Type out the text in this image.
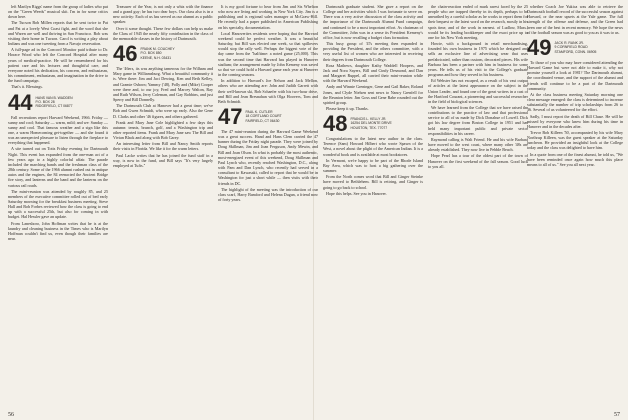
left Marilyn Riggs' name from the group of ladies who put on the "Green Weeds" musical skit. I'm in for some critics down here.

The Tucson Bob Millen reports that he sent twice to Pat and Pat at a lovely West Coast fight, and the word that she and Waren are well and thriving in San Francisco. Bob was visiting their home in Tucson. Carol is writing a play about Indians and was one tweeting from a Navajo reservation.

A full-page ad in the Concord Monitor paid tribute to Dr. Horace Wood who left the Concord Hospital after many years of medical-practice. He will be remembered for his patient care and his lectures and thoughtful care, and everyone noted his dedication, his concern, and enthusiasm, his commitment, enthusiasm, and imagination in the drive to the fund campaign.

That's it. Blessings.

44 HANS VAN B. WADDEN
P.O. BOX 28
RIDGEFIELD, CT 06877

Fall recreations report Harvard Weekend, 1966. Friday — sunny and cool; Saturday — warm, mild; and we: Sunday — sunny and cool. That famous weather and a sign like this one, a warm Homecoming get-together — and she found it was an unexpected pleasure to listen through the fireplace to everything that happened.

A site turned out on Totts Friday evening for Dartmouth Night. This event has expanded from the one-man act of a few years ago to a highly colorful affair. The parade included the marching bands and the freshman class of the 28th century. Some of the 1966 alumni rushed out in antique autos and the engines, the 84 reenacted the Ancient Bridge fire story, and lanterns and the band and the lanterns on the various rail roads.

The mini-reunion was attended by roughly 85, and 25 members of the executive committee rolled out of bed early Saturday morning for the breakfast business meeting. Steve Hall and Bob Forbes reviewed how the class is going to end up with a successful 25th, but also for coming in with budget. Hal Hessler gave an update.

From Lanesboro, John Hoffman writes that he is at the laundry and cleaning business in the Times who is Marilyn Hoffman couldn't find us, even though their families are near.

Treasurer of the Year, is not only a whiz with the finance and a grand guy; he has two dear boys. Our class also is in a new activity: Each of us has served as our alumni as a public speaker.

Over it some thought. These few dollars can help us make the Class of 1945 the nearly fifty contribution in the class of the memorable classes in the history of Dartmouth.

46 FRANK M. COUCHEY
P.O. BOX 850
KEENE, N.H. 03431

The '46ers, its was anything tamerous for the Wilham and Mary game in Williamsburg. What a beautiful community it is. Were there: Jim and Jaci Dewing, Ken and Beth Kelley, and Gramie Osborn; Yammy ('48), Polly and (Mike) Cooper were there and, to our joy, Fred and Marcey Walton, Ray and Ruth Wilson, Jerry Coleman, and Gay Robbins, and just Sperry and Bill Donnelly.

The Dartmouth Club at Hanover had a great time; we've Bob and Gwen Schmidt, who were up early. Also the Gene D. Clarks and other '46 figures, and others gathered.

Frank and Mary Jane Cole highlighted a few days this autumn: tennis, brunch, golf, and a Washington trip and other reported items. Frank and Mary Jane saw The Bill and Vivian Black and along with Bob Garey.

An interesting letter from Bill and Nancy Smith reports their visits in Florida. We like it for the warm letters.

Paul Lacke writes that he has joined the fund staff in a way, is now in the fund, and Bill says "It's very largely employed at Tufts."

It is my good fortune to hear from Jim and Sis Whelton who now are living and working in New York City. Jim is a publishing and is regional sales manager at McGraw-Hill. He recently had a paper published in American Publishing on his specialty, documentation.

Local Hanoverites residents were hoping that the Harvard weekend could be perfect weather. It was a beautiful Saturday, but Bill was elected one week, so that spillovers would stop the rally well. Perhaps the biggest vote of the day came from the "halftime: a noted game (25,000). This was the second time that Harvard has played in Hanover stadium; the arrangement made by John Kemeny was saved so that we could hold a Harvard game each year at Hanover in the coming seasons.

In addition to Harvard's Joe Nelson and Jack Mellon, others who are attending are: John and Judith Garrett with their well-known ski, Bob Schaefer with his two-hour drive, and Bill and Jean Bresnahan with Olga Hoovers, Tom and Beth Schmidt.

47 PAUL K. CUTLER
18 CORTLAND COURT
FAIRFIELD, CT 06430

The 47 mini-reunion during the Harvard Game Weekend was a great success. Hand and Hans Clem carried the 47 banner during the Friday night parade. They were joined by Doug Skillman, Jim and Joan Ferguson, Andy Mewin, and Bill and Joan Olson. In what is probably the most authentic, most-energized event of this weekend, Doug Skillman and Paul Lynch who, recently reached Washington, D.C., along with Pam and Dan Lynch, who recently had served in a consultant to Kawasaki, called to report that he would be in Washington for just a short while — then visits with their friends in DC.

The highlight of the meeting was the introduction of our class scarf, Harry Bamford and Helena Dugan, a friend now of forty years.

Dartmouth graduate student. She gave a report on the College and her activities which I was fortunate to serve on. There was a very active discussion of the class activity and the importance of the Dartmouth Alumni Fund campaign, and continued to be a most important effort. As chairman of the Committee, John was in a sense its President Kemeny's office, but is now recalling a budget class formation.

This busy group of '47s meeting then expanded in providing the President, and the others committee, with a very useful list of women who are interested in receiving their degrees from Dartmouth College.

Rosa Mathews, daughter Kathy Waddell Hoopers, and Jack and Nora Sayers, Bill and Cindy Desmond, and Dan and Margaret Ruppel, all carried their mini-reunion while with the Harvard Weekend.

Andy and Winnie Greninger, Gene and Gail Baker, Roland Jones, and Clyde Nielsen sent news to Nancy Grenfell for the Reunion letter. Jim Goss and Gene Rabe rounded out the spirited group.

Please keep it up. Thanks.

48 FRANCIS L. KELLY JR.
16254 DEL MONTE DRIVE
HOUSTON, TEX. 77077

Congratulations to the latest new author in the class. Terence (Sam) Howard Hilbert who wrote Spawn of the West, a novel about the plight of the American Indian. It is a wonderful book and is available at most bookstores.

In Vermont, we're happy to be part of the Rhode Island Bay Area, which was to host a big gathering over the summer.

From the North comes word that Bill and Ginger Steinke have moved to Bethlehem. Bill is retiring, and Ginger is going to go back to school.

Hope this helps. See you in Hanover.

the chain-reaction ended of mark rarest faced by the 25 people who are trapped thereby in its depth, perhaps to be unearthed by a careful scholar as he works to report them for their bequest or the latest word on the research, mostly in his spots time, and of the work in earnest. of Ludlow, Mass., would be its leading bookkeeper and the exact price up to one for his New York meeting.

Howie, with a background in retail merchandising, founded his own business in 1975 which he designed and sells an exclusive line of advertising wear that uses prefabricated, rather than custom, decorated pieces. His wife Barbara has been a partner with him in business for some years. He tells us of his visit to the College's graduate programs and how they served in his business.

Ed Webster has not escaped, as a result of his vast output of articles at the latest appearance on the subject in the Union Leader, and found one of the great writers in a cast of the Hartford Courant, a pioneering and successful researcher in the field of biological sciences.

We have learned from the College that we have raised the contributions to the practice of law and that professional service to all of us made by Dick Donahue of Lowell. Dick got his law degree from Boston College in 1951 and has held many important public and private sector responsibilities in his career.

Raymond calling is Walt Friend. He and his wife Barbara have moved to the west coast, where many other '48s are already established. They now live in Pebble Beach.

Hope Pearl has a tour of the oldest part of the town of Hanover on the first weekend of the fall season. Good luck to you all.

whether Coach Joe Yukica was able to retrieve the Dartmouth football record of the successful season against Harvard, or the near upsets at the Yale game. The full strength of the offense and defense, and the Green had been one of the best in recent memory. We hope the news of the football season was as good to you as it was to us.

49 JACK R. RANK JR.
9 CORNFIELD ROAD
STAMFORD, CONN. 06905

To those of you who may have considered attending the Harvard Game but were not able to make it, why not promise yourself a look at 1981? The Dartmouth alumni, the coordinated venue, and the support of the alumni and friends will continue to be a part of the Dartmouth community.

At the class business meeting Saturday morning one clear message emerged: the class is determined to increase substantially the number of trip scholarships from 26 to 36. Several of us volunteered for the effort.

Sadly, I must report the death of Bill Chase. He will be missed by everyone who knew him during his time in Hanover and in the decades after.

Trevor Bob Killeen '50, accompanied by his wife Mary Northrup Killeen, was the guest speaker at the Saturday luncheon. He provided an insightful look at the College today and the class was delighted to have him.

In a quote from one of the finest alumni, he told us, "We have been reminded once again how much this place means to all of us." See you all next year.

56	57
